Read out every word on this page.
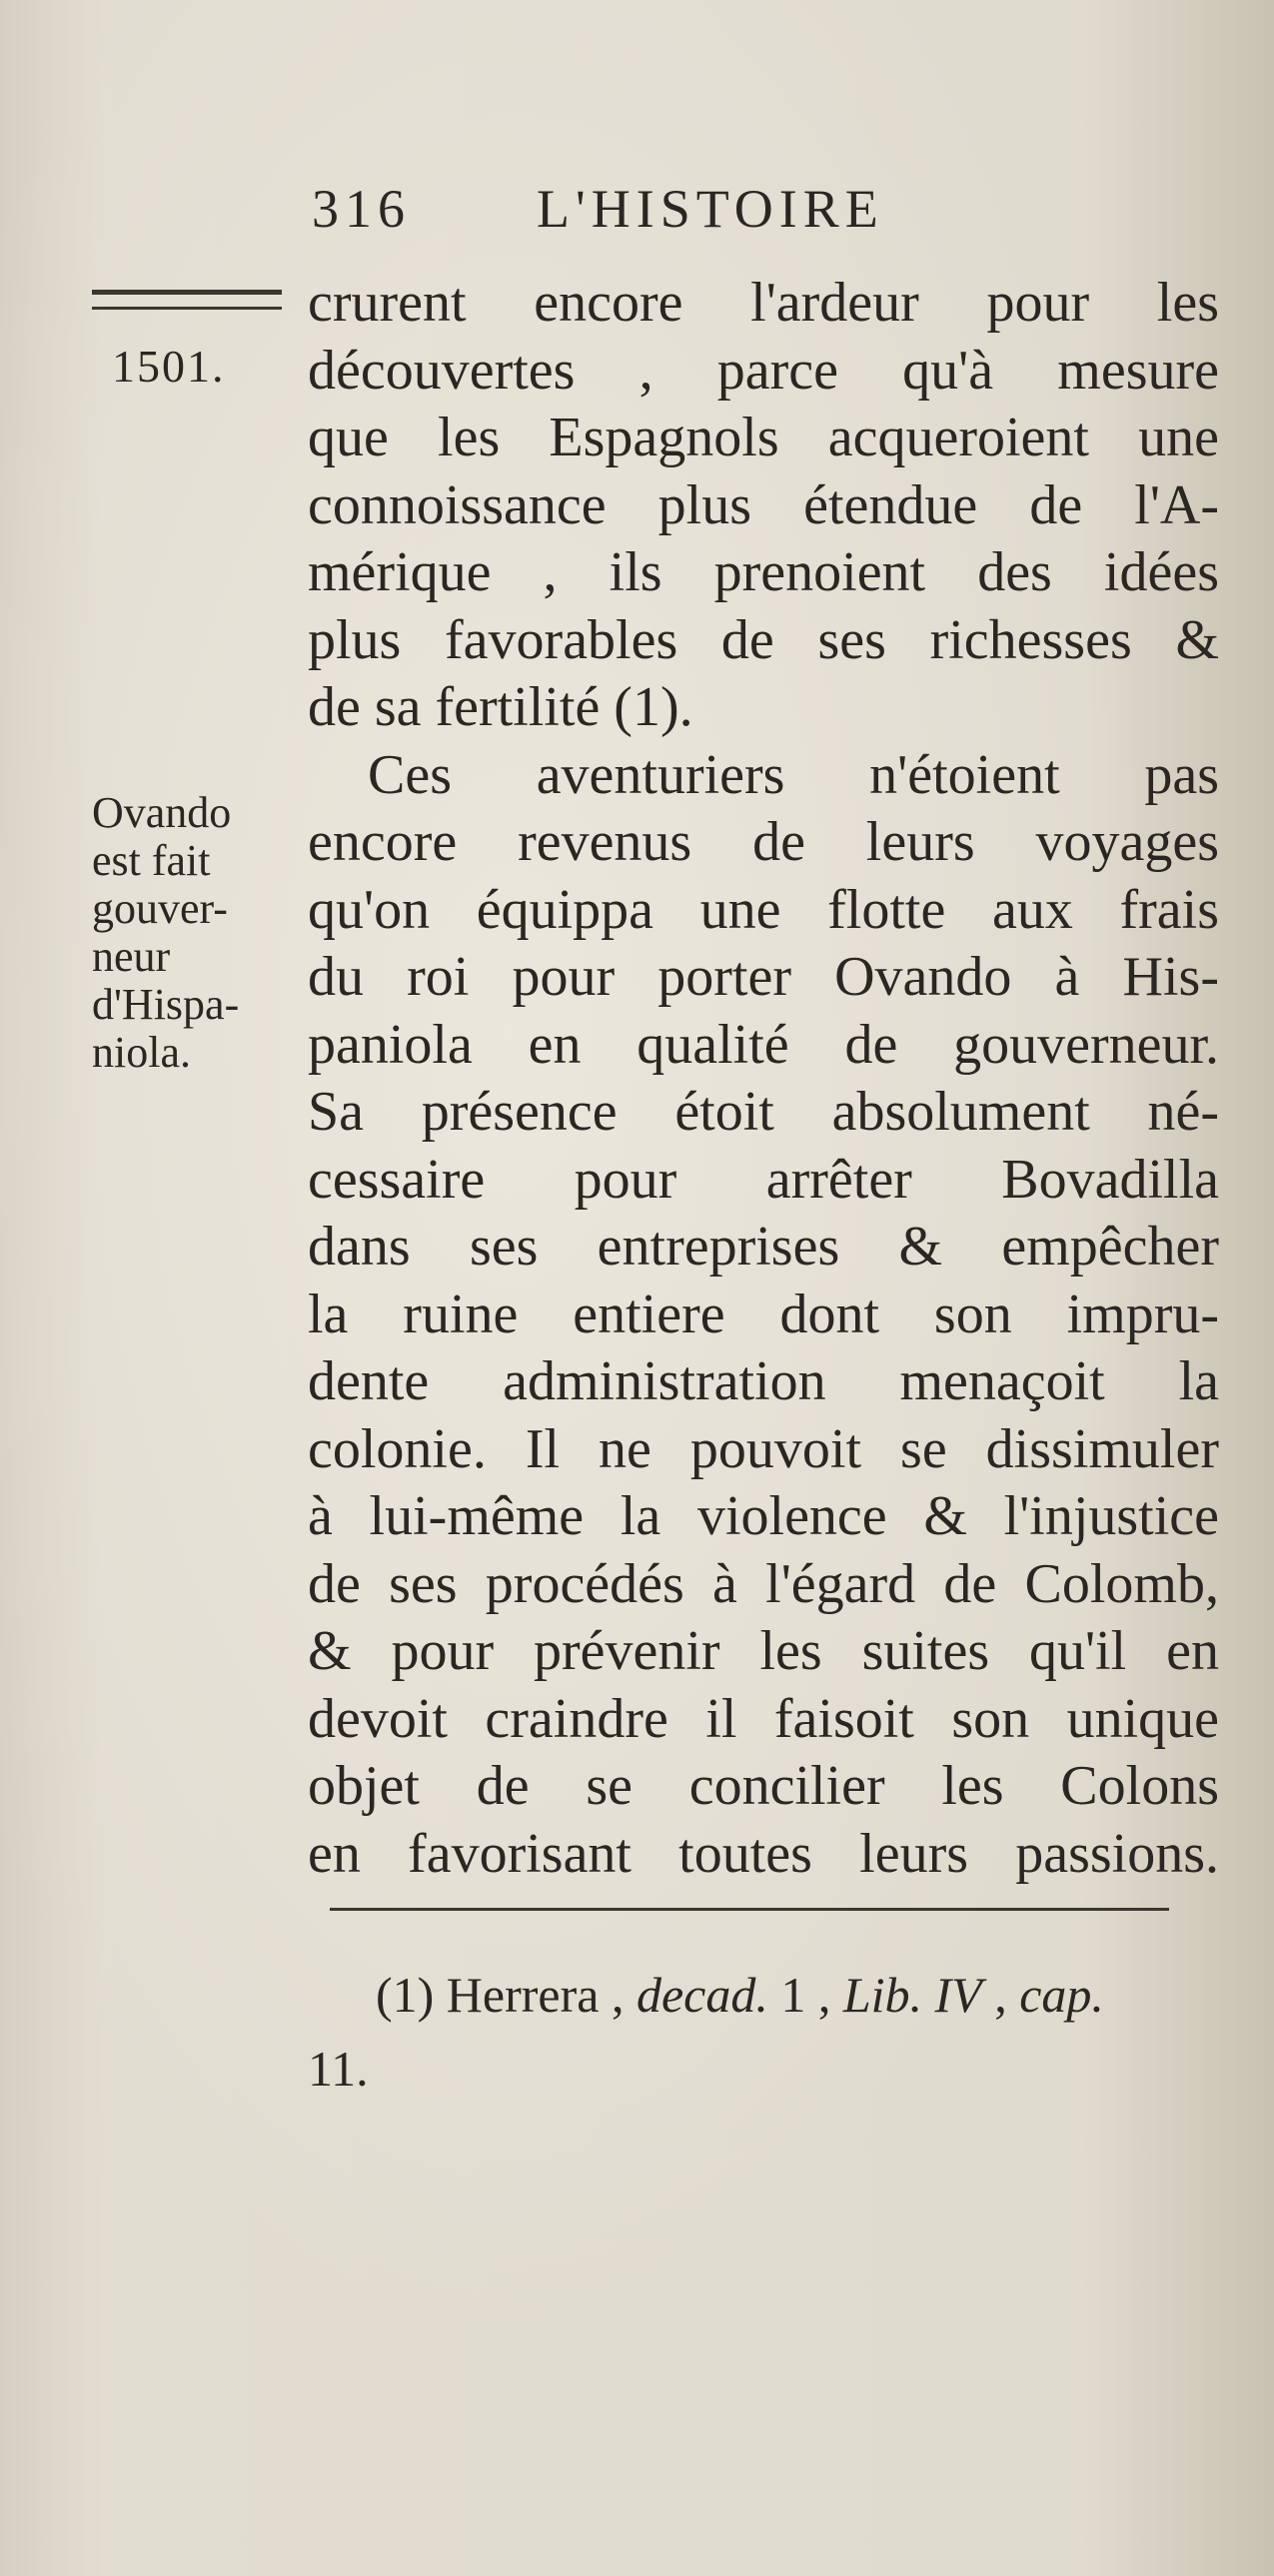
316 L'HISTOIRE
1501.
Ovando
est fait
gouver-
neur
d'Hispa-
niola.
crurent encore l'ardeur pour les
découvertes , parce qu'à mesure
que les Espagnols acqueroient une
connoissance plus étendue de l'A-
mérique , ils prenoient des idées
plus favorables de ses richesses &
de sa fertilité (1).
Ces aventuriers n'étoient pas
encore revenus de leurs voyages
qu'on équippa une flotte aux frais
du roi pour porter Ovando à His-
paniola en qualité de gouverneur.
Sa présence étoit absolument né-
cessaire pour arrêter Bovadilla
dans ses entreprises & empêcher
la ruine entiere dont son impru-
dente administration menaçoit la
colonie. Il ne pouvoit se dissimuler
à lui-même la violence & l'injustice
de ses procédés à l'égard de Colomb,
& pour prévenir les suites qu'il en
devoit craindre il faisoit son unique
objet de se concilier les Colons
en favorisant toutes leurs passions.
(1) Herrera , decad. 1 , Lib. IV , cap.
11.
